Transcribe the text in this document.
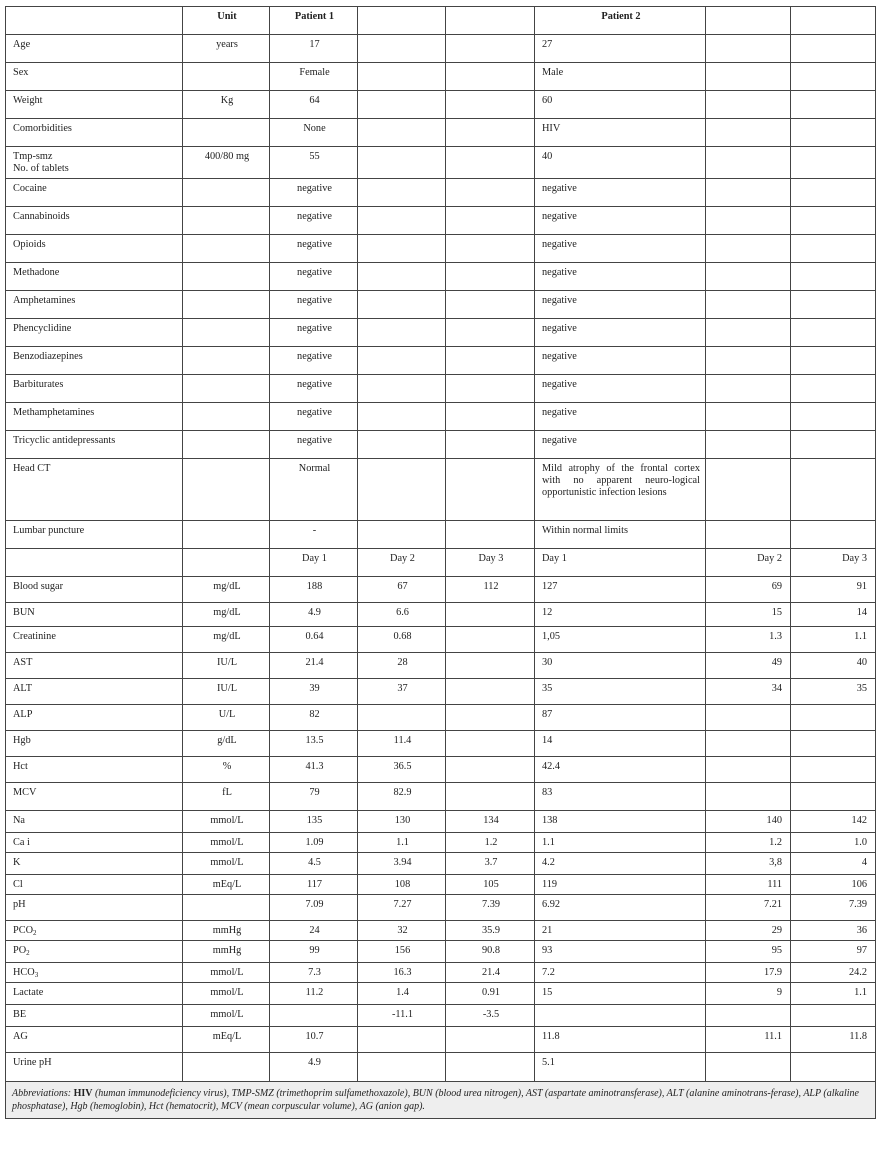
	Unit	Patient 1			Patient 2		
Age	years	17			27		
Sex		Female			Male		
Weight	Kg	64			60		
Comorbidities		None			HIV		
Tmp-smz
No. of tablets	400/80 mg	55			40		
Cocaine		negative			negative		
Cannabinoids		negative			negative		
Opioids		negative			negative		
Methadone		negative			negative		
Amphetamines		negative			negative		
Phencyclidine		negative			negative		
Benzodiazepines		negative			negative		
Barbiturates		negative			negative		
Methamphetamines		negative			negative		
Tricyclic antidepressants		negative			negative		
Head CT		Normal			Mild atrophy of the frontal cortex with no apparent neuro-logical opportunistic infection lesions		
Lumbar puncture		-			Within normal limits		
		Day 1	Day 2	Day 3	Day 1	Day 2	Day 3
Blood sugar	mg/dL	188	67	112	127	69	91
BUN	mg/dL	4.9	6.6		12	15	14
Creatinine	mg/dL	0.64	0.68		1,05	1.3	1.1
AST	IU/L	21.4	28		30	49	40
ALT	IU/L	39	37		35	34	35
ALP	U/L	82			87		
Hgb	g/dL	13.5	11.4		14		
Hct	%	41.3	36.5		42.4		
MCV	fL	79	82.9		83		
Na	mmol/L	135	130	134	138	140	142
Ca i	mmol/L	1.09	1.1	1.2	1.1	1.2	1.0
K	mmol/L	4.5	3.94	3.7	4.2	3,8	4
Cl	mEq/L	117	108	105	119	111	106
pH		7.09	7.27	7.39	6.92	7.21	7.39
$PCO_2$	mmHg	24	32	35.9	21	29	36
$PO_2$	mmHg	99	156	90.8	93	95	97
$HCO_3$	mmol/L	7.3	16.3	21.4	7.2	17.9	24.2
Lactate	mmol/L	11.2	1.4	0.91	15	9	1.1
BE	mmol/L		-11.1	-3.5			
AG	mEq/L	10.7			11.8	11.1	11.8
Urine pH		4.9			5.1		
Abbreviations: HIV (human immunodeficiency virus), TMP-SMZ (trimethoprim sulfamethoxazole), BUN (blood urea nitrogen), AST (aspartate aminotransferase), ALT (alanine aminotrans-ferase), ALP (alkaline phosphatase), Hgb (hemoglobin), Hct (hematocrit), MCV (mean corpuscular volume), AG (anion gap).							
